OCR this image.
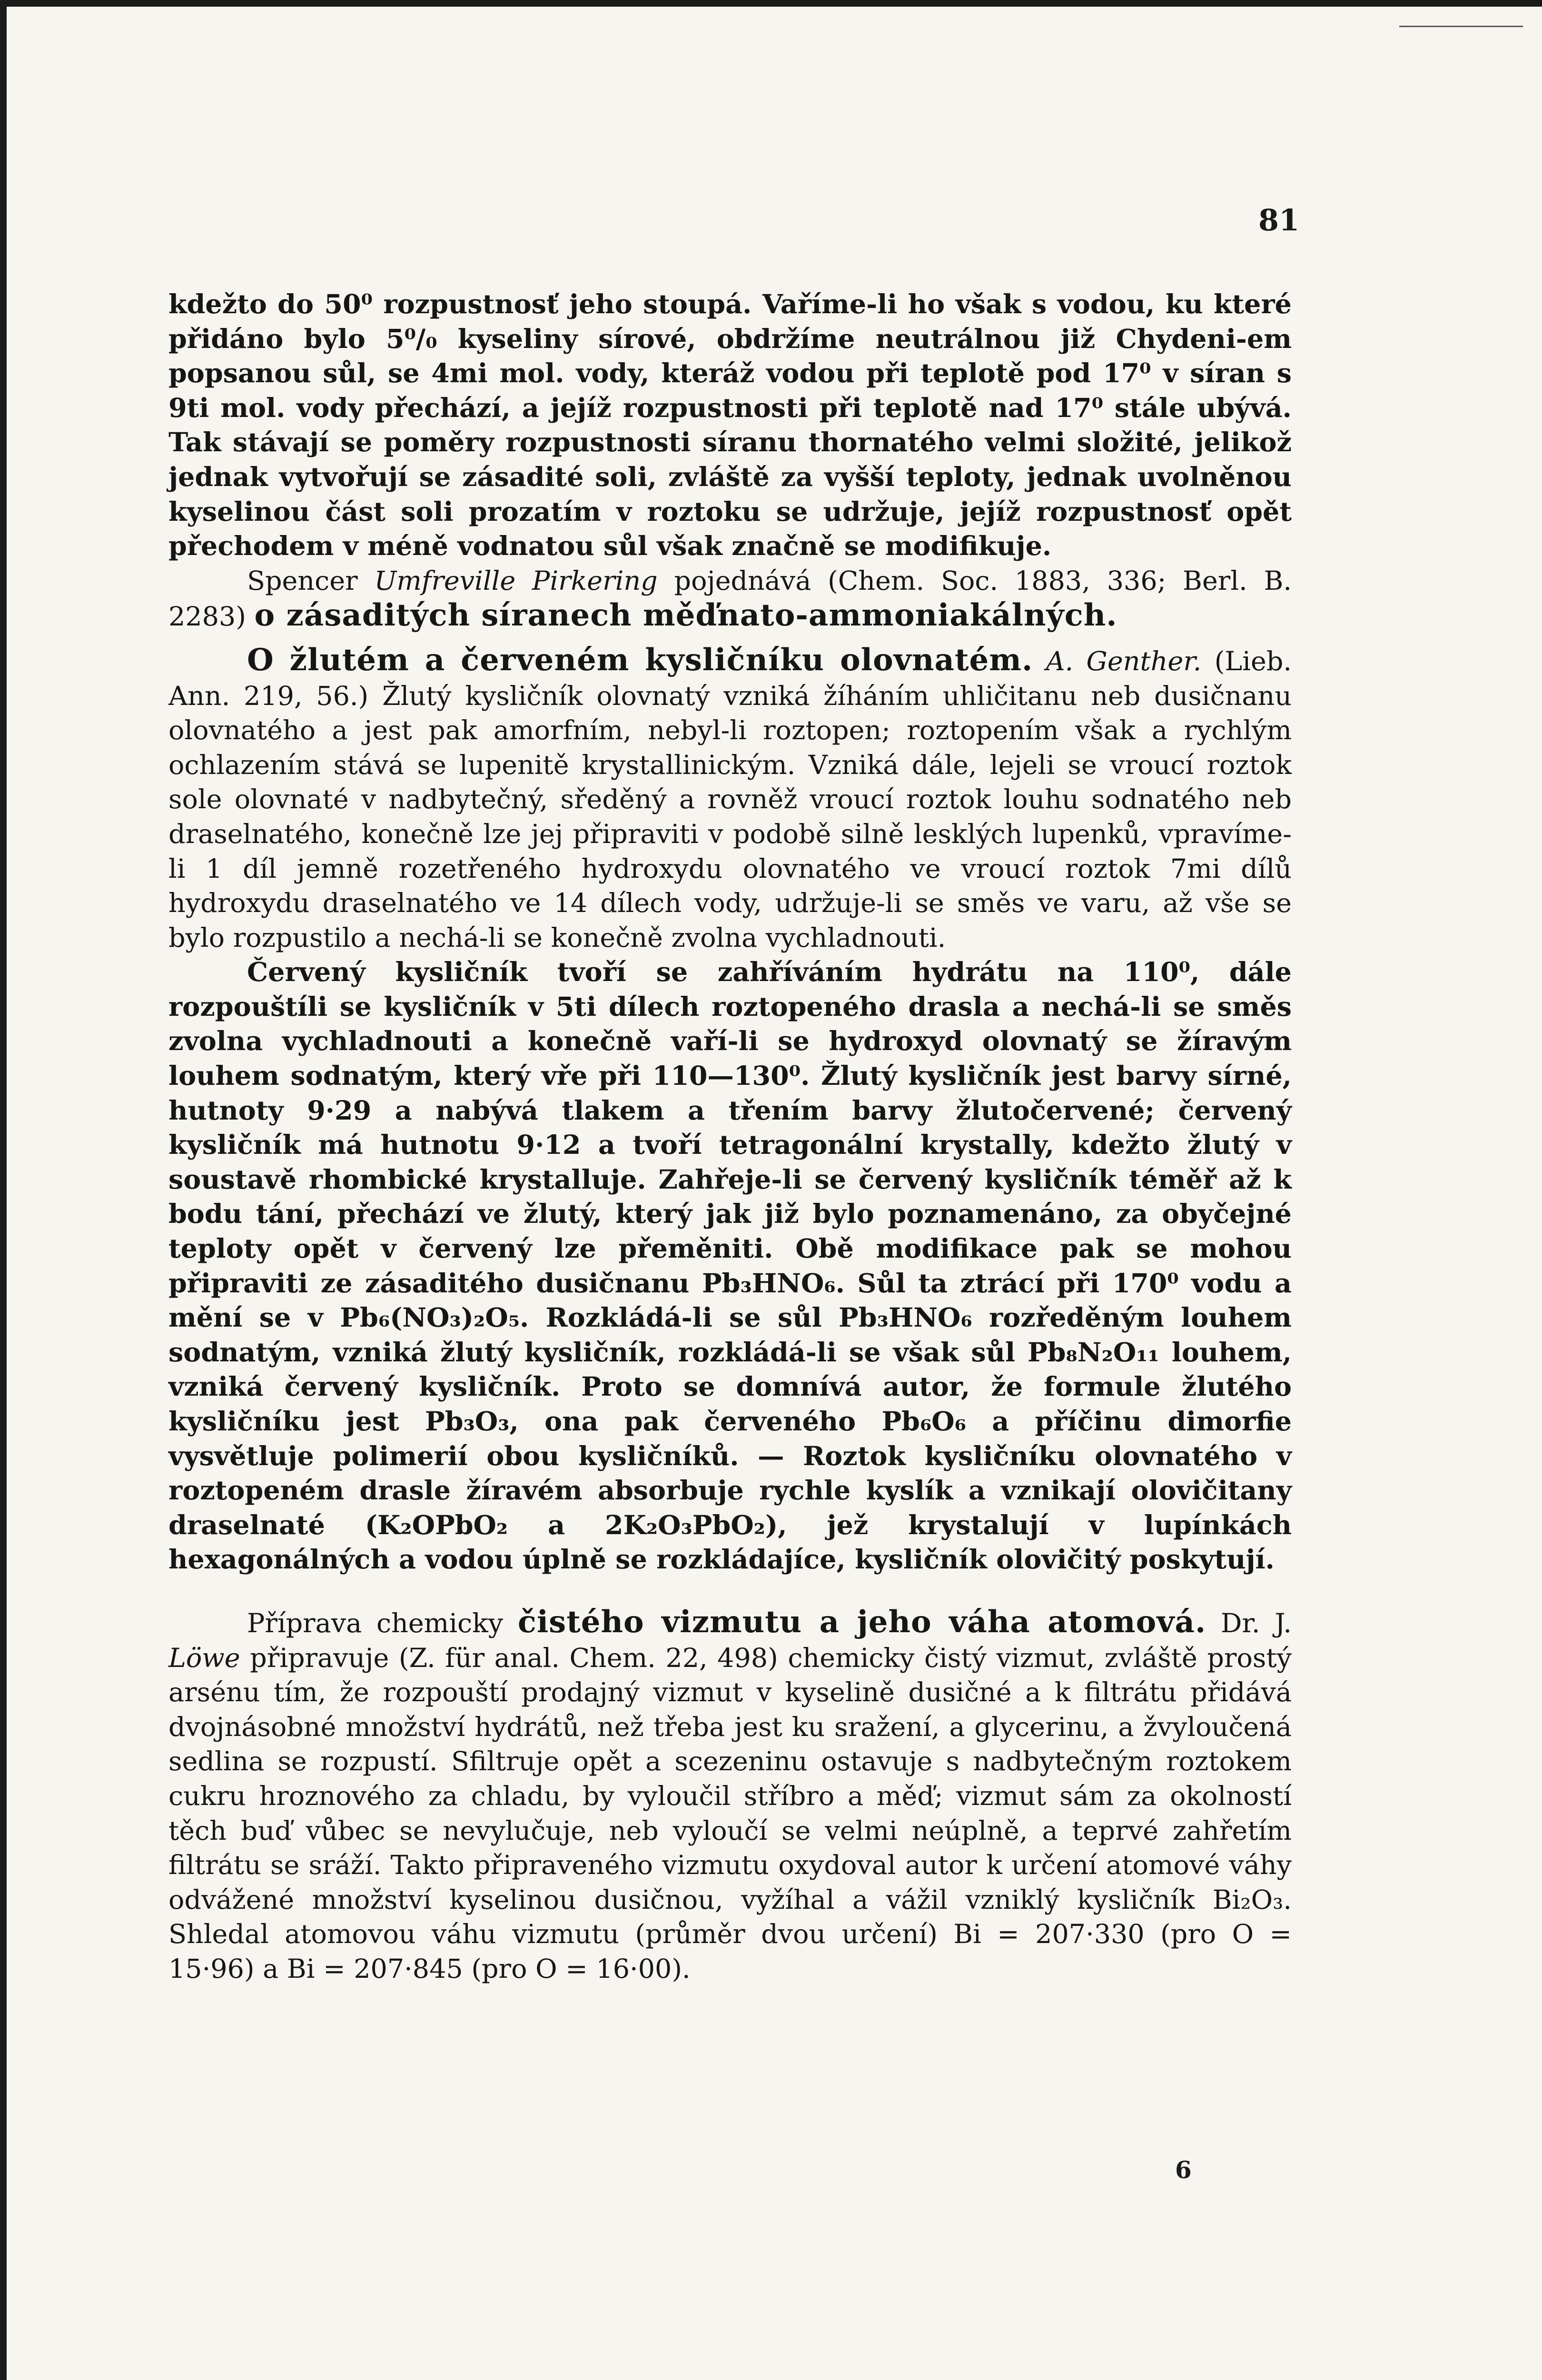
81

kdežto do 50⁰ rozpustnosť jeho stoupá. Vaříme-li ho však s vodou, ku které přidáno bylo 5⁰/₀ kyseliny sírové, obdržíme neutrálnou již Chydeni-em popsanou sůl, se 4mi mol. vody, kteráž vodou při teplotě pod 17⁰ v síran s 9ti mol. vody přechází, a jejíž rozpustnosti při teplotě nad 17⁰ stále ubývá. Tak stávají se poměry rozpustnosti síranu thornatého velmi složité, jelikož jednak vytvořují se zásadité soli, zvláště za vyšší teploty, jednak uvolněnou kyselinou část soli prozatím v roztoku se udržuje, jejíž rozpustnosť opět přechodem v méně vodnatou sůl však značně se modifikuje.

Spencer Umfreville Pirkering pojednává (Chem. Soc. 1883, 336; Berl. B. 2283) o zásaditých síranech měďnato-ammoniakálných.

O žlutém a červeném kysličníku olovnatém. A. Genther. (Lieb. Ann. 219, 56.) Žlutý kysličník olovnatý vzniká žíháním uhličitanu neb dusičnanu olovnatého a jest pak amorfním, nebyl-li roztopen; roztopením však a rychlým ochlazením stává se lupenitě krystallinickým. Vzniká dále, lejeli se vroucí roztok sole olovnaté v nadbytečný, sředěný a rovněž vroucí roztok louhu sodnatého neb draselnatého, konečně lze jej připraviti v podobě silně lesklých lupenků, vpravíme-li 1 díl jemně rozetřeného hydroxydu olovnatého ve vroucí roztok 7mi dílů hydroxydu draselnatého ve 14 dílech vody, udržuje-li se směs ve varu, až vše se bylo rozpustilo a nechá-li se konečně zvolna vychladnouti.

Červený kysličník tvoří se zahříváním hydrátu na 110⁰, dále rozpouštíli se kysličník v 5ti dílech roztopeného drasla a nechá-li se směs zvolna vychladnouti a konečně vaří-li se hydroxyd olovnatý se žíravým louhem sodnatým, který vře při 110—130⁰. Žlutý kysličník jest barvy sírné, hutnoty 9·29 a nabývá tlakem a třením barvy žlutočervené; červený kysličník má hutnotu 9·12 a tvoří tetragonální krystally, kdežto žlutý v soustavě rhombické krystalluje. Zahřeje-li se červený kysličník téměř až k bodu tání, přechází ve žlutý, který jak již bylo poznamenáno, za obyčejné teploty opět v červený lze přeměniti. Obě modifikace pak se mohou připraviti ze zásaditého dusičnanu Pb₃HNO₆. Sůl ta ztrácí při 170⁰ vodu a mění se v Pb₆(NO₃)₂O₅. Rozkládá-li se sůl Pb₃HNO₆ rozředěným louhem sodnatým, vzniká žlutý kysličník, rozkládá-li se však sůl Pb₈N₂O₁₁ louhem, vzniká červený kysličník. Proto se domnívá autor, že formule žlutého kysličníku jest Pb₃O₃, ona pak červeného Pb₆O₆ a příčinu dimorfie vysvětluje polimerií obou kysličníků. — Roztok kysličníku olovnatého v roztopeném drasle žíravém absorbuje rychle kyslík a vznikají olovičitany draselnaté (K₂OPbO₂ a 2K₂O₃PbO₂), jež krystalují v lupínkách hexagonálných a vodou úplně se rozkládajíce, kysličník olovičitý poskytují.

Příprava chemicky čistého vizmutu a jeho váha atomová. Dr. J. Löwe připravuje (Z. für anal. Chem. 22, 498) chemicky čistý vizmut, zvláště prostý arsénu tím, že rozpouští prodajný vizmut v kyselině dusičné a k filtrátu přidává dvojnásobné množství hydrátů, než třeba jest ku sražení, a glycerinu, a žvyloučená sedlina se rozpustí. Sfiltruje opět a scezeninu ostavuje s nadbytečným roztokem cukru hroznového za chladu, by vyloučil stříbro a měď; vizmut sám za okolností těch buď vůbec se nevylučuje, neb vyloučí se velmi neúplně, a teprvé zahřetím filtrátu se sráží. Takto připraveného vizmutu oxydoval autor k určení atomové váhy odvážené množství kyselinou dusičnou, vyžíhal a vážil vzniklý kysličník Bi₂O₃. Shledal atomovou váhu vizmutu (průměr dvou určení) Bi = 207·330 (pro O = 15·96) a Bi = 207·845 (pro O = 16·00).

6
